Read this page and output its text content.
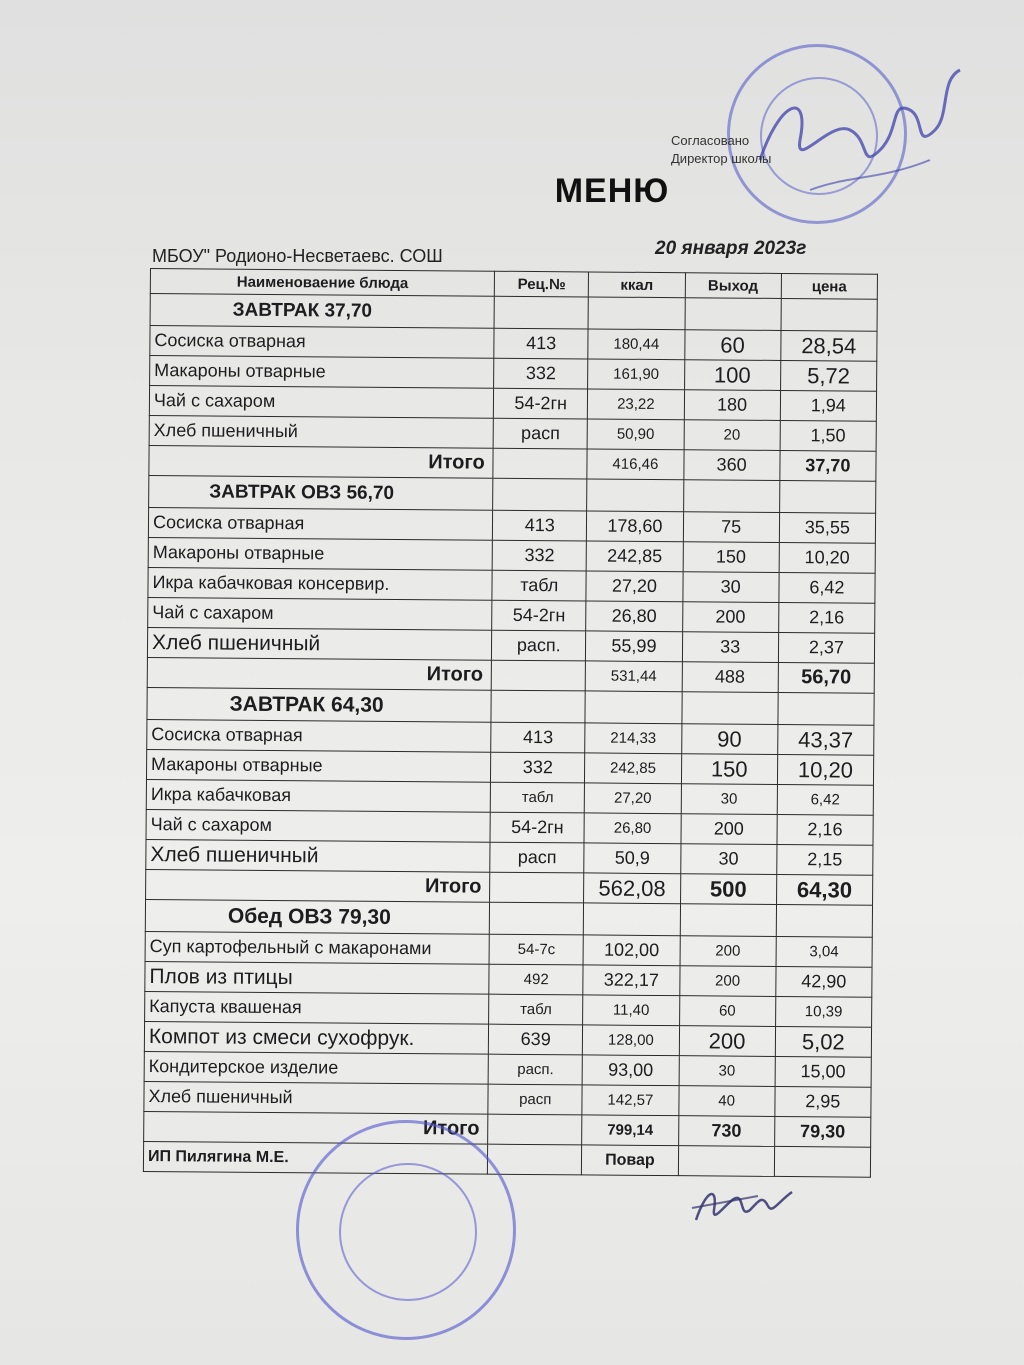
Согласовано
Директор школы
МЕНЮ
МБОУ" Родионо-Несветаевс. СОШ	20 января 2023г
Наименоваение блюда	Рец.№	ккал	Выход	цена
ЗАВТРАК 37,70				
Сосиска отварная	413	180,44	60	28,54
Макароны отварные	332	161,90	100	5,72
Чай с сахаром	54-2гн	23,22	180	1,94
Хлеб пшеничный	расп	50,90	20	1,50
Итого		416,46	360	37,70
ЗАВТРАК ОВЗ 56,70				
Сосиска отварная	413	178,60	75	35,55
Макароны отварные	332	242,85	150	10,20
Икра кабачковая консервир.	табл	27,20	30	6,42
Чай с сахаром	54-2гн	26,80	200	2,16
Хлеб пшеничный	расп.	55,99	33	2,37
Итого		531,44	488	56,70
ЗАВТРАК 64,30				
Сосиска отварная	413	214,33	90	43,37
Макароны отварные	332	242,85	150	10,20
Икра кабачковая	табл	27,20	30	6,42
Чай с сахаром	54-2гн	26,80	200	2,16
Хлеб пшеничный	расп	50,9	30	2,15
Итого		562,08	500	64,30
Обед ОВЗ 79,30				
Суп картофельный с макаронами	54-7с	102,00	200	3,04
Плов из птицы	492	322,17	200	42,90
Капуста квашеная	табл	11,40	60	10,39
Компот из смеси сухофрук.	639	128,00	200	5,02
Кондитерское изделие	расп.	93,00	30	15,00
Хлеб пшеничный	расп	142,57	40	2,95
Итого		799,14	730	79,30
ИП Пилягина М.Е.		Повар		
